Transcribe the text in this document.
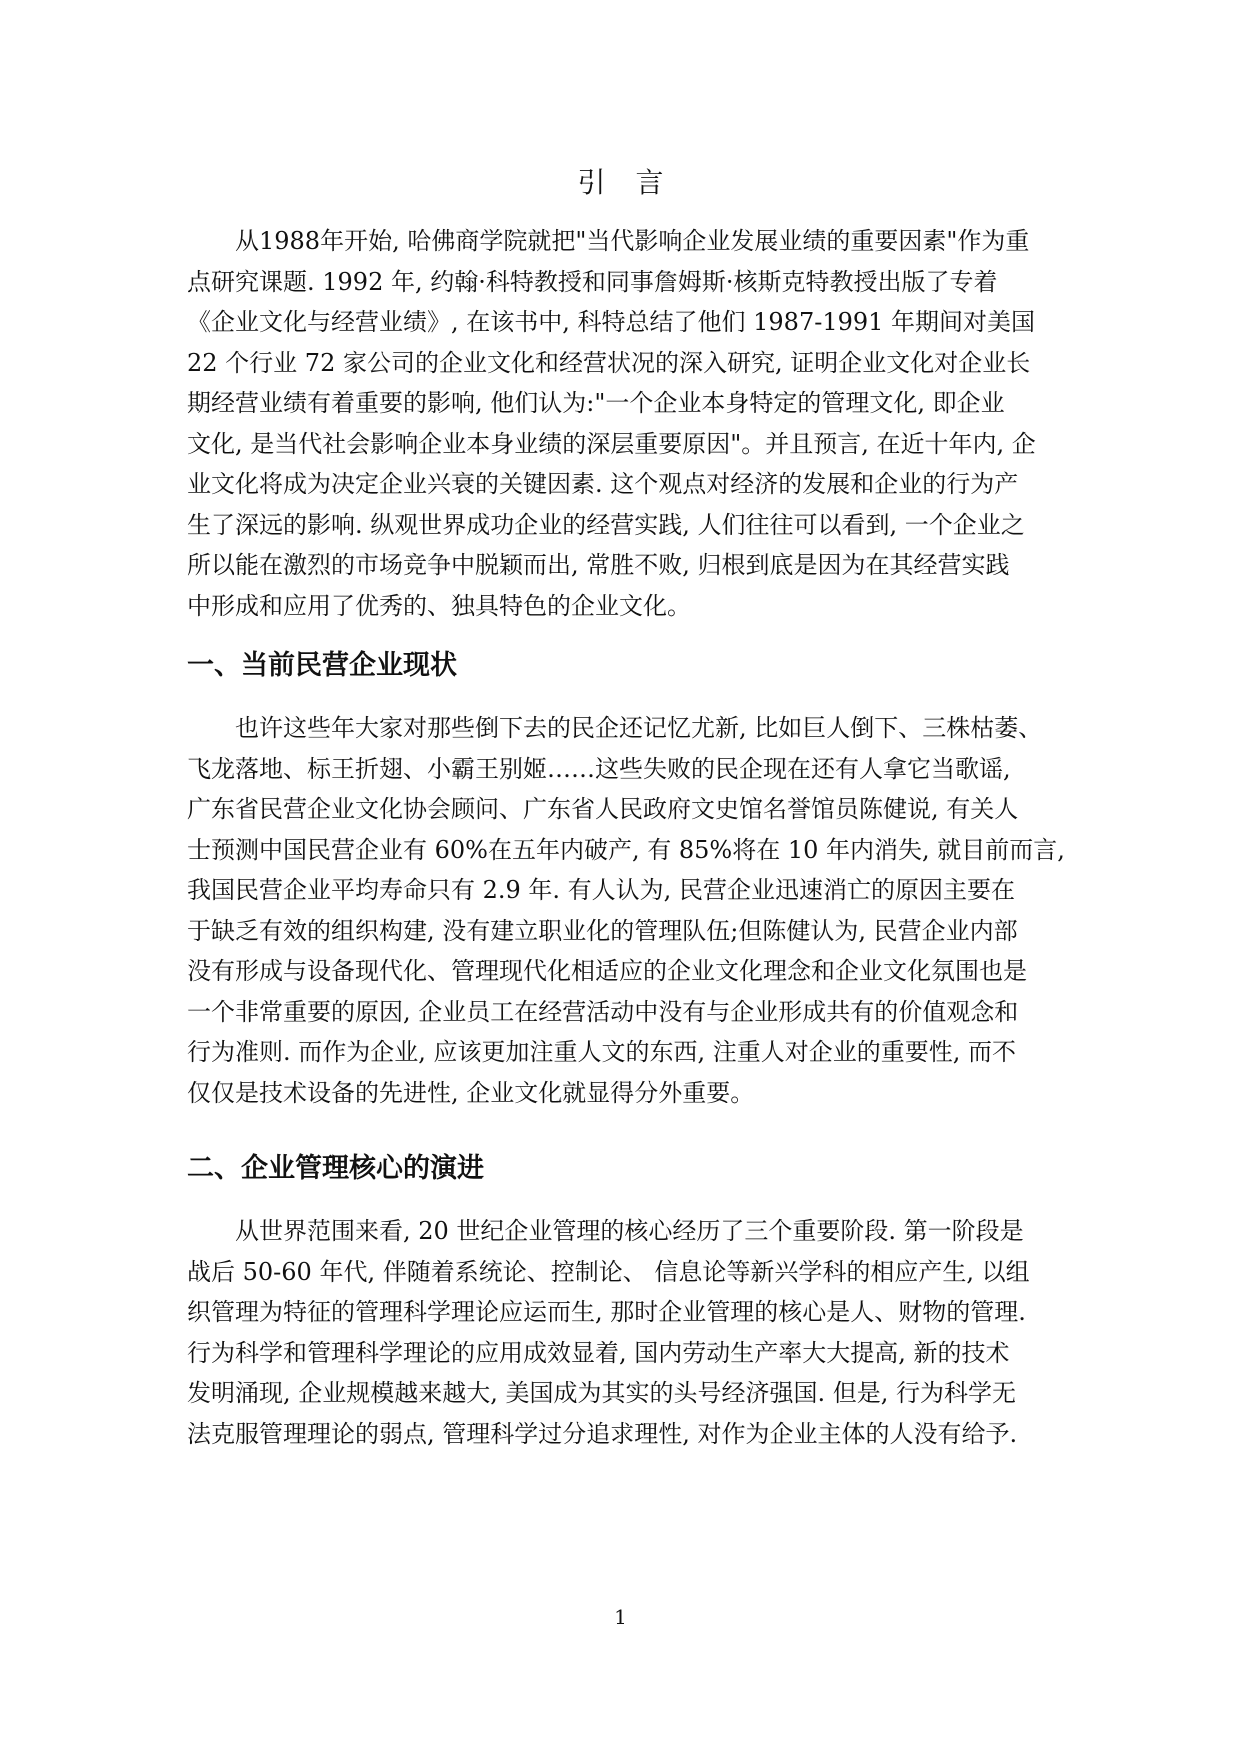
引言
从1988年开始, 哈佛商学院就把"当代影响企业发展业绩的重要因素"作为重
点研究课题. 1992 年, 约翰·科特教授和同事詹姆斯·核斯克特教授出版了专着
《企业文化与经营业绩》, 在该书中, 科特总结了他们 1987-1991 年期间对美国
22 个行业 72 家公司的企业文化和经营状况的深入研究, 证明企业文化对企业长
期经营业绩有着重要的影响, 他们认为:"一个企业本身特定的管理文化, 即企业
文化, 是当代社会影响企业本身业绩的深层重要原因"。并且预言, 在近十年内, 企
业文化将成为决定企业兴衰的关键因素. 这个观点对经济的发展和企业的行为产
生了深远的影响. 纵观世界成功企业的经营实践, 人们往往可以看到, 一个企业之
所以能在激烈的市场竞争中脱颖而出, 常胜不败, 归根到底是因为在其经营实践
中形成和应用了优秀的、独具特色的企业文化。
一、当前民营企业现状
也许这些年大家对那些倒下去的民企还记忆尤新, 比如巨人倒下、三株枯萎、
飞龙落地、标王折翅、小霸王别姬……这些失败的民企现在还有人拿它当歌谣,
广东省民营企业文化协会顾问、广东省人民政府文史馆名誉馆员陈健说, 有关人
士预测中国民营企业有 60%在五年内破产, 有 85%将在 10 年内消失, 就目前而言,
我国民营企业平均寿命只有 2.9 年. 有人认为, 民营企业迅速消亡的原因主要在
于缺乏有效的组织构建, 没有建立职业化的管理队伍;但陈健认为, 民营企业内部
没有形成与设备现代化、管理现代化相适应的企业文化理念和企业文化氛围也是
一个非常重要的原因, 企业员工在经营活动中没有与企业形成共有的价值观念和
行为准则. 而作为企业, 应该更加注重人文的东西, 注重人对企业的重要性, 而不
仅仅是技术设备的先进性, 企业文化就显得分外重要。
二、企业管理核心的演进
从世界范围来看, 20 世纪企业管理的核心经历了三个重要阶段. 第一阶段是
战后 50-60 年代, 伴随着系统论、控制论、 信息论等新兴学科的相应产生, 以组
织管理为特征的管理科学理论应运而生, 那时企业管理的核心是人、财物的管理.
行为科学和管理科学理论的应用成效显着, 国内劳动生产率大大提高, 新的技术
发明涌现, 企业规模越来越大, 美国成为其实的头号经济强国. 但是, 行为科学无
法克服管理理论的弱点, 管理科学过分追求理性, 对作为企业主体的人没有给予.
1
